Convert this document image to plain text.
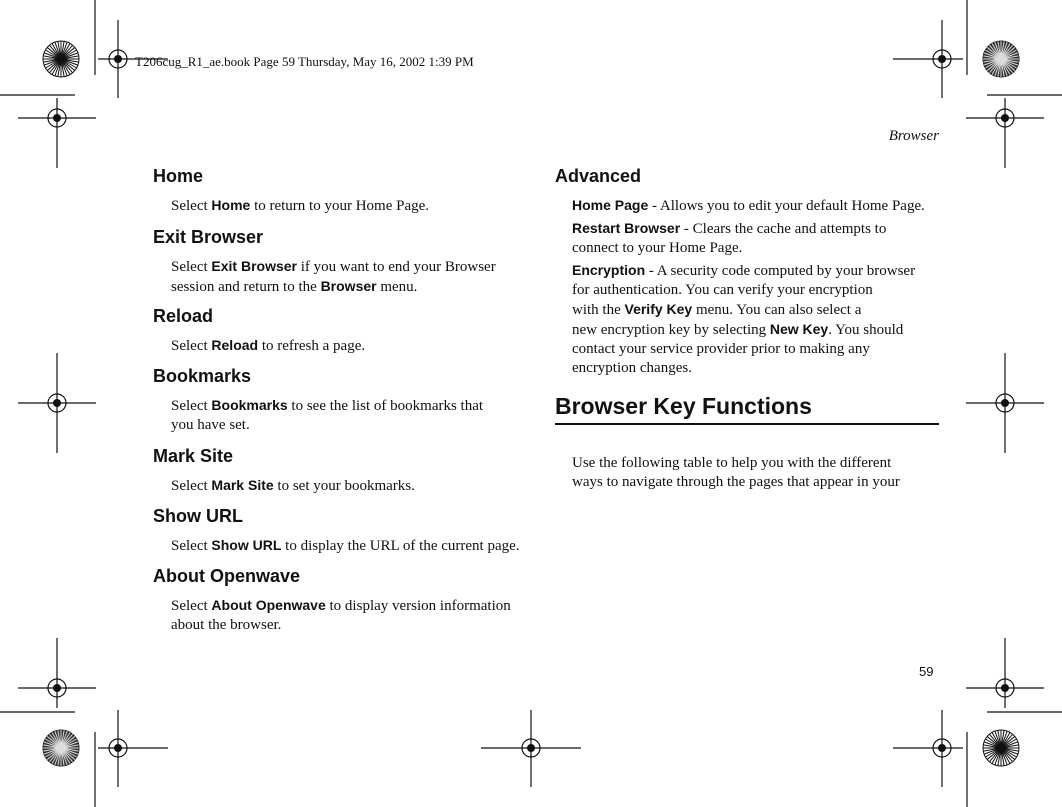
T206cug_R1_ae.book Page 59 Thursday, May 16, 2002 1:39 PM
Browser
Home
Select Home to return to your Home Page.
Exit Browser
Select Exit Browser if you want to end your Browser
session and return to the Browser menu.
Reload
Select Reload to refresh a page.
Bookmarks
Select Bookmarks to see the list of bookmarks that
you have set.
Mark Site
Select Mark Site to set your bookmarks.
Show URL
Select Show URL to display the URL of the current page.
About Openwave
Select About Openwave to display version information
about the browser.
Advanced
Home Page - Allows you to edit your default Home Page.
Restart Browser - Clears the cache and attempts to
connect to your Home Page.
Encryption - A security code computed by your browser
for authentication. You can verify your encryption
with the Verify Key menu. You can also select a
new encryption key by selecting New Key. You should
contact your service provider prior to making any
encryption changes.
Browser Key Functions
Use the following table to help you with the different
ways to navigate through the pages that appear in your
59
